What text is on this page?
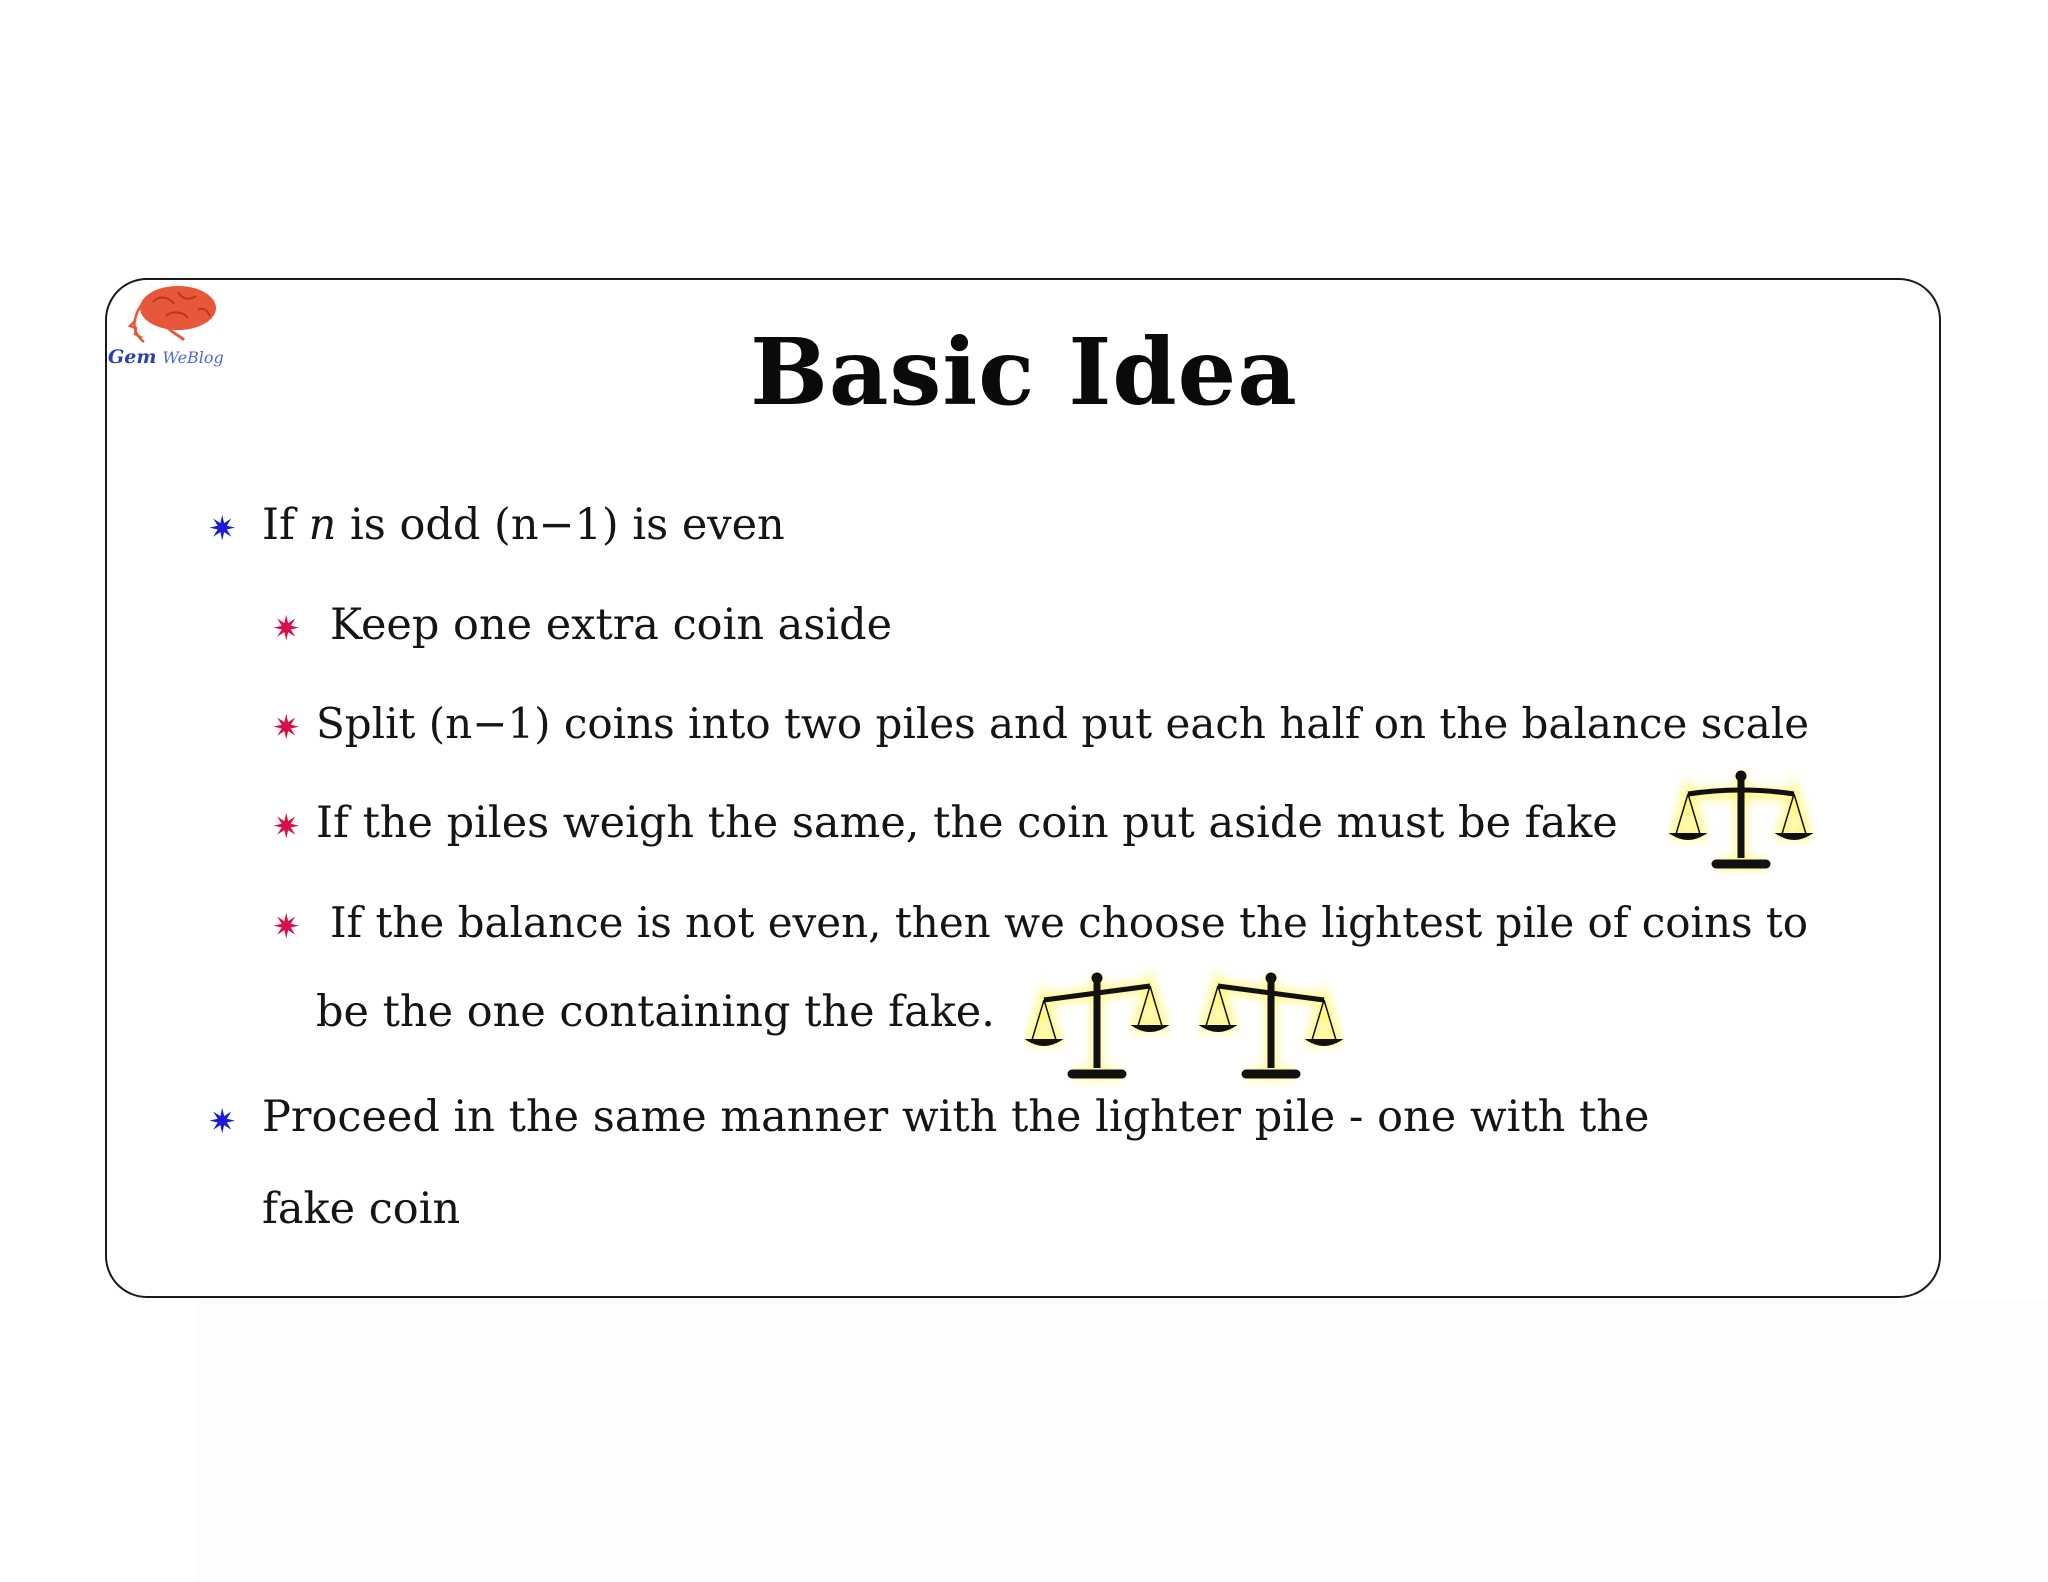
Gem WeBlog	Basic Idea
✷ If n is odd (n−1) is even
✷ Keep one extra coin aside
✷ Split (n−1) coins into two piles and put each half on the balance scale
✷ If the piles weigh the same, the coin put aside must be fake
✷ If the balance is not even, then we choose the lightest pile of coins to
be the one containing the fake.
✷ Proceed in the same manner with the lighter pile - one with the
fake coin
